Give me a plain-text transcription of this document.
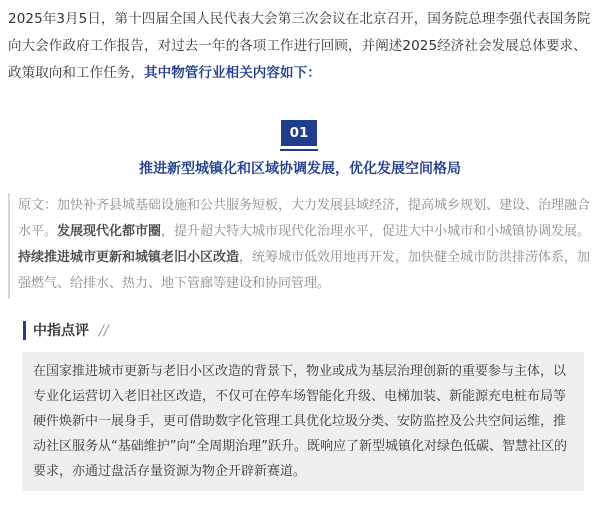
2025年3月5日，第十四届全国人民代表大会第三次会议在北京召开，国务院总理李强代表国务院向大会作政府工作报告，对过去一年的各项工作进行回顾，并阐述2025经济社会发展总体要求、政策取向和工作任务，其中物管行业相关内容如下：
01
推进新型城镇化和区域协调发展，优化发展空间格局
原文：加快补齐县城基础设施和公共服务短板，大力发展县域经济，提高城乡规划、建设、治理融合水平。发展现代化都市圈，提升超大特大城市现代化治理水平，促进大中小城市和小城镇协调发展。持续推进城市更新和城镇老旧小区改造，统筹城市低效用地再开发，加快健全城市防洪排涝体系，加强燃气、给排水、热力、地下管廊等建设和协同管理。
中指点评 //
在国家推进城市更新与老旧小区改造的背景下，物业或成为基层治理创新的重要参与主体，以专业化运营切入老旧社区改造，不仅可在停车场智能化升级、电梯加装、新能源充电桩布局等硬件焕新中一展身手，更可借助数字化管理工具优化垃圾分类、安防监控及公共空间运维，推动社区服务从“基础维护”向“全周期治理”跃升。既响应了新型城镇化对绿色低碳、智慧社区的要求，亦通过盘活存量资源为物企开辟新赛道。
